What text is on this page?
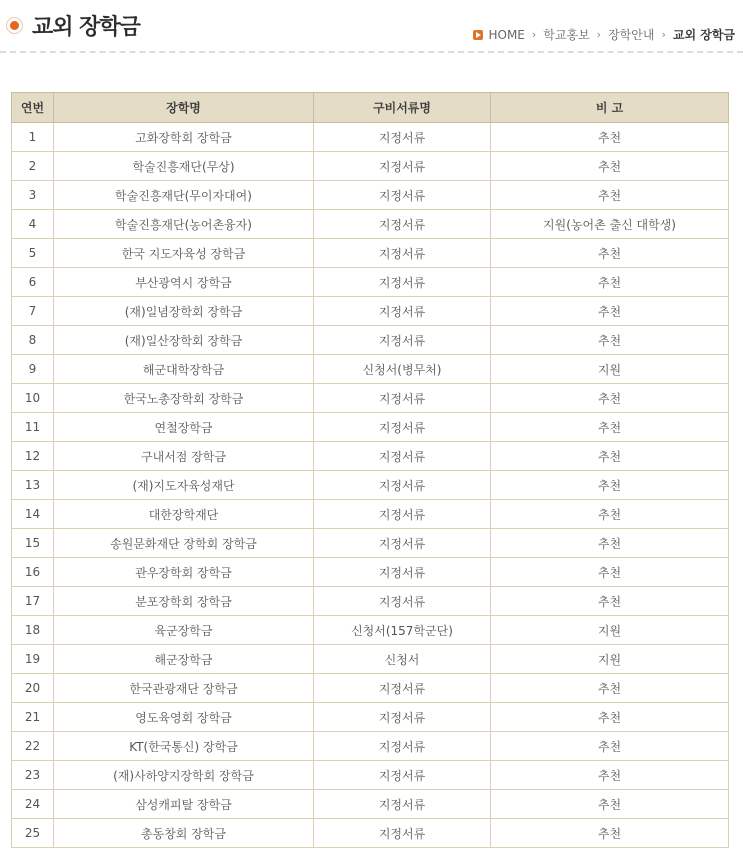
교외 장학금	HOME › 학교홍보 › 장학안내 › 교외 장학금
연번	장학명	구비서류명	비 고
1	고화장학회 장학금	지정서류	추천
2	학술진흥재단(무상)	지정서류	추천
3	학술진흥재단(무이자대여)	지정서류	추천
4	학술진흥재단(농어촌융자)	지정서류	지원(농어촌 출신 대학생)
5	한국 지도자육성 장학금	지정서류	추천
6	부산광역시 장학금	지정서류	추천
7	(재)일념장학회 장학금	지정서류	추천
8	(재)일산장학회 장학금	지정서류	추천
9	해군대학장학금	신청서(병무처)	지원
10	한국노총장학회 장학금	지정서류	추천
11	연철장학금	지정서류	추천
12	구내서점 장학금	지정서류	추천
13	(재)지도자육성재단	지정서류	추천
14	대한장학재단	지정서류	추천
15	송원문화재단 장학회 장학금	지정서류	추천
16	관우장학회 장학금	지정서류	추천
17	분포장학회 장학금	지정서류	추천
18	육군장학금	신청서(157학군단)	지원
19	해군장학금	신청서	지원
20	한국관광재단 장학금	지정서류	추천
21	영도육영회 장학금	지정서류	추천
22	KT(한국통신) 장학금	지정서류	추천
23	(재)사하양지장학회 장학금	지정서류	추천
24	삼성캐피탈 장학금	지정서류	추천
25	총동창회 장학금	지정서류	추천
